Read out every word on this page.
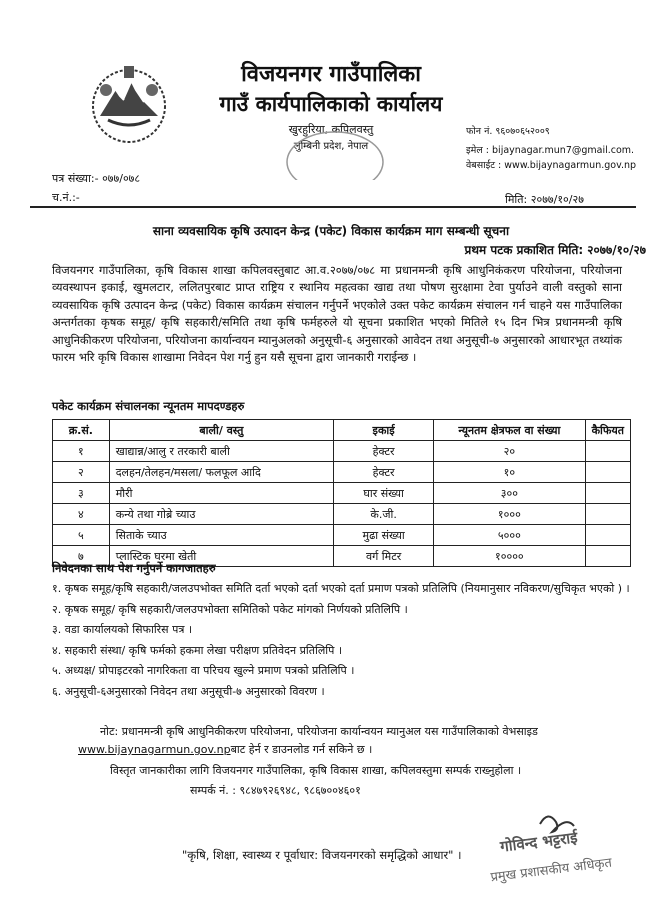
विजयनगर गाउँपालिका
गाउँ कार्यपालिकाको कार्यालय
खुरहुरिया, कपिलवस्तु
लुम्बिनी प्रदेश, नेपाल
फोन नं. ९६०७०६५२००९
इमेल : bijaynagar.mun7@gmail.com.
वेबसाईट : www.bijaynagarmun.gov.np
पत्र संख्या:- ०७७/०७८
च.नं.:-	मिति: २०७७/१०/२७
साना व्यवसायिक कृषि उत्पादन केन्द्र (पकेट) विकास कार्यक्रम माग सम्बन्धी सूचना
प्रथम पटक प्रकाशित मिति: २०७७/१०/२७
विजयनगर गाउँपालिका, कृषि विकास शाखा कपिलवस्तुबाट आ.व.२०७७/०७८ मा प्रधानमन्त्री कृषि आधुनिकंकरण परियोजना, परियोजना व्यवस्थापन इकाई, खुमलटार, ललितपुरबाट प्राप्त राष्ट्रिय र स्थानिय महत्वका खाद्य तथा पोषण सुरक्षामा टेवा पुर्याउने वाली वस्तुको साना व्यवसायिक कृषि उत्पादन केन्द्र (पकेट) विकास कार्यक्रम संचालन गर्नुपर्ने भएकोले उक्त पकेट कार्यक्रम संचालन गर्न चाहने यस गाउँपालिका अन्तर्गतका कृषक समूह/ कृषि सहकारी/समिति तथा कृषि फर्महरुले यो सूचना प्रकाशित भएको मितिले १५ दिन भित्र प्रधानमन्त्री कृषि आधुनिकीकरण परियोजना, परियोजना कार्यान्वयन म्यानुअलको अनुसूची-६ अनुसारको आवेदन तथा अनुसूची-७ अनुसारको आधारभूत तथ्यांक फारम भरि कृषि विकास शाखामा निवेदन पेश गर्नु हुन यसै सूचना द्वारा जानकारी गराईन्छ ।
पकेट कार्यक्रम संचालनका न्यूनतम मापदण्डहरु
क्र.सं.	बाली/ वस्तु	इकाई	न्यूनतम क्षेत्रफल वा संख्या	कैफियत
१	खाद्यान्न/आलु र तरकारी बाली	हेक्टर	२०	
२	दलहन/तेलहन/मसला/ फलफूल आदि	हेक्टर	१०	
३	मौरी	घार संख्या	३००	
४	कन्ये तथा गोब्रे च्याउ	के.जी.	१०००	
५	सिताके च्याउ	मुढा संख्या	५०००	
७	प्लास्टिक घरमा खेती	वर्ग मिटर	१००००	
निवेदनका साथ पेश गर्नुपर्ने कागजातहरु
१. कृषक समूह/कृषि सहकारी/जलउपभोक्त समिति दर्ता भएको दर्ता भएको दर्ता प्रमाण पत्रको प्रतिलिपि (नियमानुसार नविकरण/सुचिकृत भएको ) ।
२. कृषक समूह/ कृषि सहकारी/जलउपभोक्ता समितिको पकेट मांगको निर्णयको प्रतिलिपि ।
३. वडा कार्यालयको सिफारिस पत्र ।
४. सहकारी संस्था/ कृषि फर्मको हकमा लेखा परीक्षण प्रतिवेदन प्रतिलिपि ।
५. अध्यक्ष/ प्रोपाइटरको नागरिकता वा परिचय खुल्ने प्रमाण पत्रको प्रतिलिपि ।
६. अनुसूची-६अनुसारको निवेदन तथा अनुसूची-७ अनुसारको विवरण ।
नोट: प्रधानमन्त्री कृषि आधुनिकीकरण परियोजना, परियोजना कार्यान्वयन म्यानुअल यस गाउँपालिकाको वेभसाइड
www.bijaynagarmun.gov.npबाट हेर्न र डाउनलोड गर्न सकिने छ ।
विस्तृत जानकारीका लागि विजयनगर गाउँपालिका, कृषि विकास शाखा, कपिलवस्तुमा सम्पर्क राख्नुहोला ।
सम्पर्क नं. : ९८४७९२६९४८, ९८६७००४६०१
"कृषि, शिक्षा, स्वास्थ्य र पूर्वाधार: विजयनगरको समृद्धिको आधार" ।	गोविन्द भट्टराई
प्रमुख प्रशासकीय अधिकृत
